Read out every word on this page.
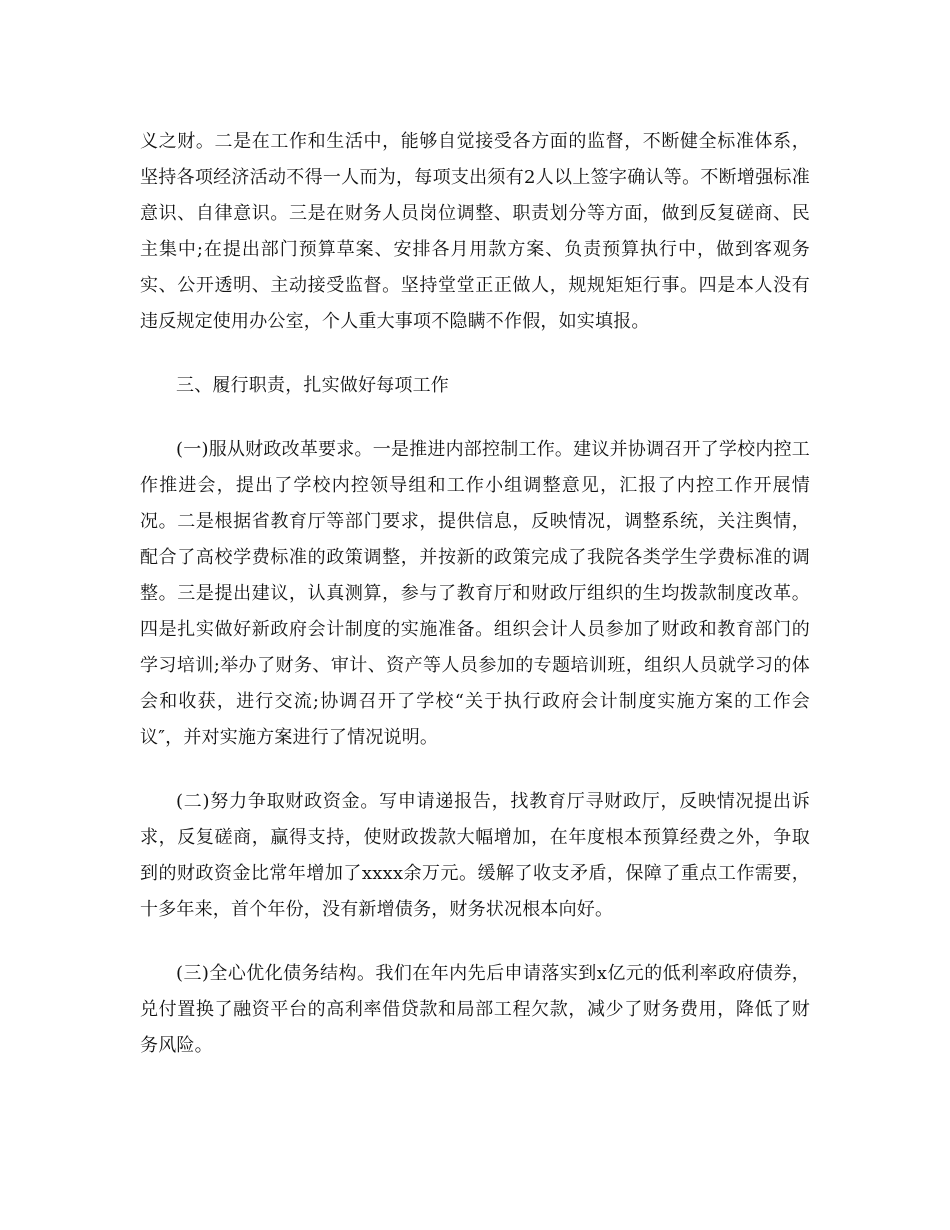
义之财。二是在工作和生活中，能够自觉接受各方面的监督，不断健全标准体系，坚持各项经济活动不得一人而为，每项支出须有2人以上签字确认等。不断增强标准意识、自律意识。三是在财务人员岗位调整、职责划分等方面，做到反复磋商、民主集中;在提出部门预算草案、安排各月用款方案、负责预算执行中，做到客观务实、公开透明、主动接受监督。坚持堂堂正正做人，规规矩矩行事。四是本人没有违反规定使用办公室，个人重大事项不隐瞒不作假，如实填报。

三、履行职责，扎实做好每项工作

(一)服从财政改革要求。一是推进内部控制工作。建议并协调召开了学校内控工作推进会，提出了学校内控领导组和工作小组调整意见，汇报了内控工作开展情况。二是根据省教育厅等部门要求，提供信息，反映情况，调整系统，关注舆情，配合了高校学费标准的政策调整，并按新的政策完成了我院各类学生学费标准的调整。三是提出建议，认真测算，参与了教育厅和财政厅组织的生均拨款制度改革。四是扎实做好新政府会计制度的实施准备。组织会计人员参加了财政和教育部门的学习培训;举办了财务、审计、资产等人员参加的专题培训班，组织人员就学习的体会和收获，进行交流;协调召开了学校“关于执行政府会计制度实施方案的工作会议″，并对实施方案进行了情况说明。

(二)努力争取财政资金。写申请递报告，找教育厅寻财政厅，反映情况提出诉求，反复磋商，赢得支持，使财政拨款大幅增加，在年度根本预算经费之外，争取到的财政资金比常年增加了xxxx余万元。缓解了收支矛盾，保障了重点工作需要，十多年来，首个年份，没有新增债务，财务状况根本向好。

(三)全心优化债务结构。我们在年内先后申请落实到x亿元的低利率政府债券，兑付置换了融资平台的高利率借贷款和局部工程欠款，减少了财务费用，降低了财务风险。
